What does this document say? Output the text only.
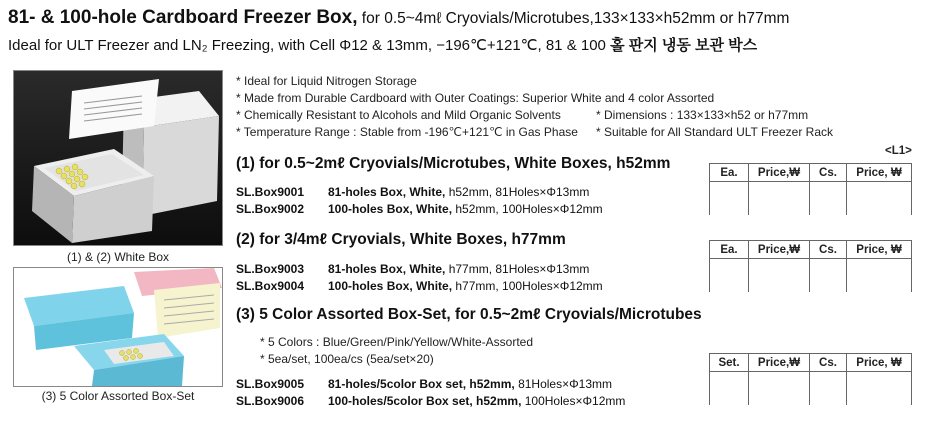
81- & 100-hole Cardboard Freezer Box, for 0.5~4mℓ Cryovials/Microtubes,133×133×h52mm or h77mm
Ideal for ULT Freezer and LN₂ Freezing, with Cell Φ12 & 13mm, −196℃+121℃, 81 & 100 홀 판지 냉동 보관 박스
(1) & (2) White Box
(3) 5 Color Assorted Box-Set
* Ideal for Liquid Nitrogen Storage
* Made from Durable Cardboard with Outer Coatings: Superior White and 4 color Assorted
* Chemically Resistant to Alcohols and Mild Organic Solvents	* Dimensions : 133×133×h52 or h77mm
* Temperature Range : Stable from -196℃+121℃ in Gas Phase * Suitable for All Standard ULT Freezer Rack
<L1>
(1) for 0.5~2mℓ Cryovials/Microtubes, White Boxes, h52mm
SL.Box9001 81-holes Box, White, h52mm, 81Holes×Φ13mm
SL.Box9002 100-holes Box, White, h52mm, 100Holes×Φ12mm
Ea.	Price,₩	Cs.	Price, ₩

(2) for 3/4mℓ Cryovials, White Boxes, h77mm
SL.Box9003 81-holes Box, White, h77mm, 81Holes×Φ13mm
SL.Box9004 100-holes Box, White, h77mm, 100Holes×Φ12mm
Ea.	Price,₩	Cs.	Price, ₩

(3) 5 Color Assorted Box-Set, for 0.5~2mℓ Cryovials/Microtubes
* 5 Colors : Blue/Green/Pink/Yellow/White-Assorted
* 5ea/set, 100ea/cs (5ea/set×20)
SL.Box9005 81-holes/5color Box set, h52mm, 81Holes×Φ13mm
SL.Box9006 100-holes/5color Box set, h52mm, 100Holes×Φ12mm
Set.	Price,₩	Cs.	Price, ₩
